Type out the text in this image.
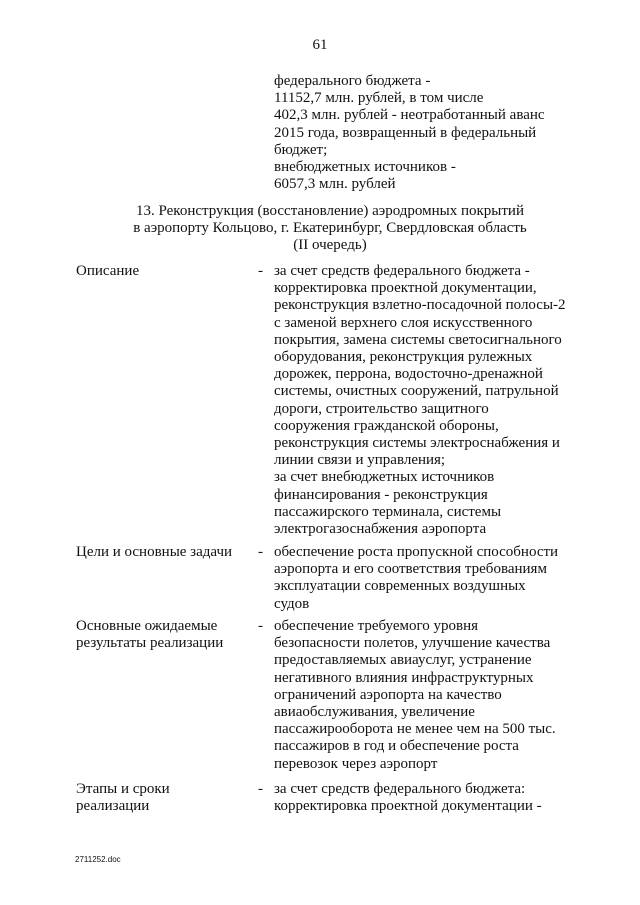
61
федерального бюджета -
11152,7 млн. рублей, в том числе
402,3 млн. рублей - неотработанный аванс
2015 года, возвращенный в федеральный
бюджет;
внебюджетных источников -
6057,3 млн. рублей
13. Реконструкция (восстановление) аэродромных покрытий
в аэропорту Кольцово, г. Екатеринбург, Свердловская область
(II очередь)
Описание	- за счет средств федерального бюджета -
корректировка проектной документации,
реконструкция взлетно-посадочной полосы-2
с заменой верхнего слоя искусственного
покрытия, замена системы светосигнального
оборудования, реконструкция рулежных
дорожек, перрона, водосточно-дренажной
системы, очистных сооружений, патрульной
дороги, строительство защитного
сооружения гражданской обороны,
реконструкция системы электроснабжения и
линии связи и управления;
за счет внебюджетных источников
финансирования - реконструкция
пассажирского терминала, системы
электрогазоснабжения аэропорта
Цели и основные задачи	- обеспечение роста пропускной способности
аэропорта и его соответствия требованиям
эксплуатации современных воздушных
судов
Основные ожидаемые
результаты реализации
- обеспечение требуемого уровня
безопасности полетов, улучшение качества
предоставляемых авиауслуг, устранение
негативного влияния инфраструктурных
ограничений аэропорта на качество
авиаобслуживания, увеличение
пассажирооборота не менее чем на 500 тыс.
пассажиров в год и обеспечение роста
перевозок через аэропорт
Этапы и сроки
реализации
- за счет средств федерального бюджета:
корректировка проектной документации -
2711252.doc
